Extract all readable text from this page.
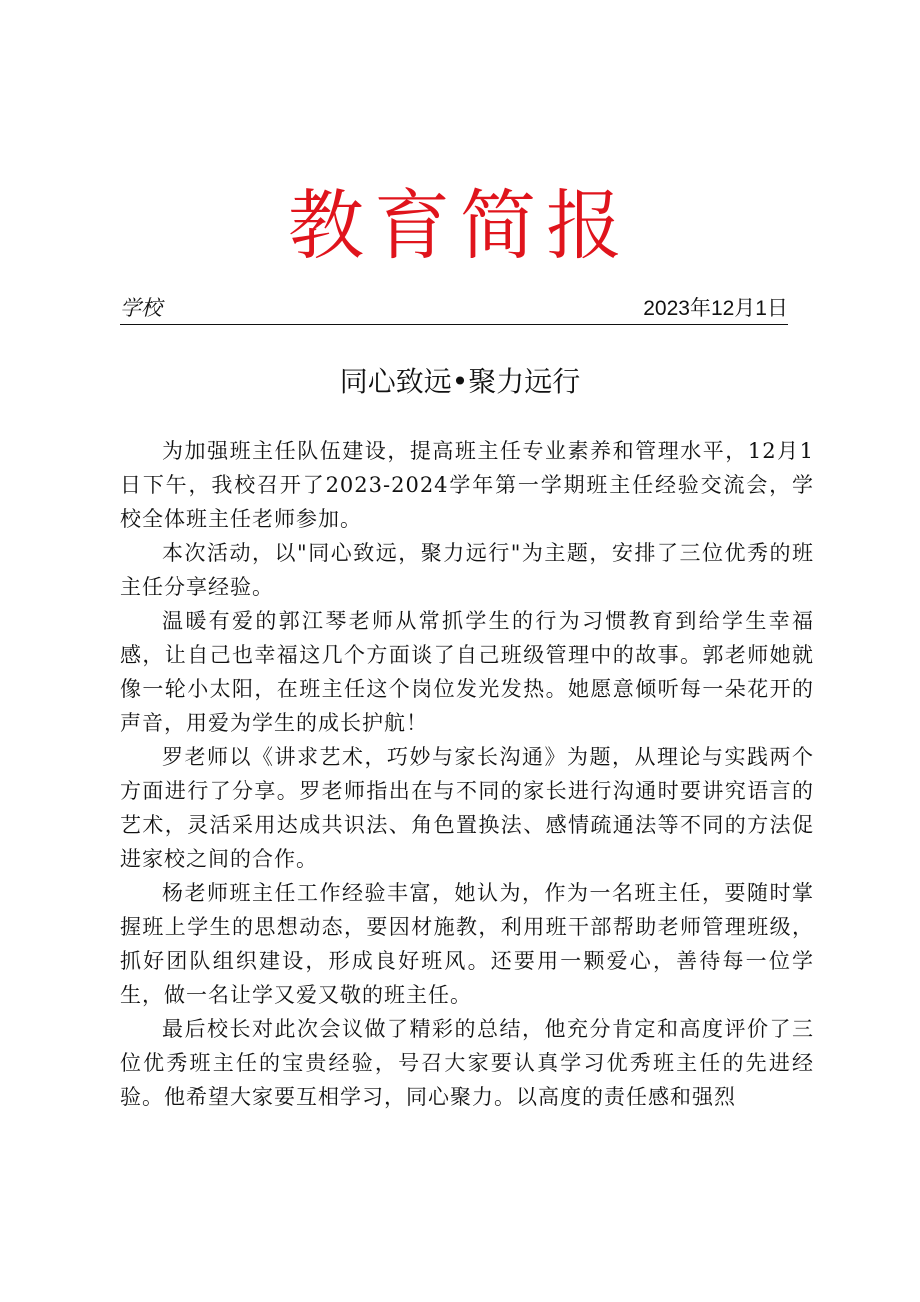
教育简报
学校	2023年12月1日
同心致远•聚力远行

为加强班主任队伍建设，提高班主任专业素养和管理水平，12月1日下午，我校召开了2023-2024学年第一学期班主任经验交流会，学校全体班主任老师参加。

本次活动，以"同心致远，聚力远行"为主题，安排了三位优秀的班主任分享经验。

温暖有爱的郭江琴老师从常抓学生的行为习惯教育到给学生幸福感，让自己也幸福这几个方面谈了自己班级管理中的故事。郭老师她就像一轮小太阳，在班主任这个岗位发光发热。她愿意倾听每一朵花开的声音，用爱为学生的成长护航！

罗老师以《讲求艺术，巧妙与家长沟通》为题，从理论与实践两个方面进行了分享。罗老师指出在与不同的家长进行沟通时要讲究语言的艺术，灵活采用达成共识法、角色置换法、感情疏通法等不同的方法促进家校之间的合作。

杨老师班主任工作经验丰富，她认为，作为一名班主任，要随时掌握班上学生的思想动态，要因材施教，利用班干部帮助老师管理班级，抓好团队组织建设，形成良好班风。还要用一颗爱心，善待每一位学生，做一名让学又爱又敬的班主任。

最后校长对此次会议做了精彩的总结，他充分肯定和高度评价了三位优秀班主任的宝贵经验，号召大家要认真学习优秀班主任的先进经验。他希望大家要互相学习，同心聚力。以高度的责任感和强烈
